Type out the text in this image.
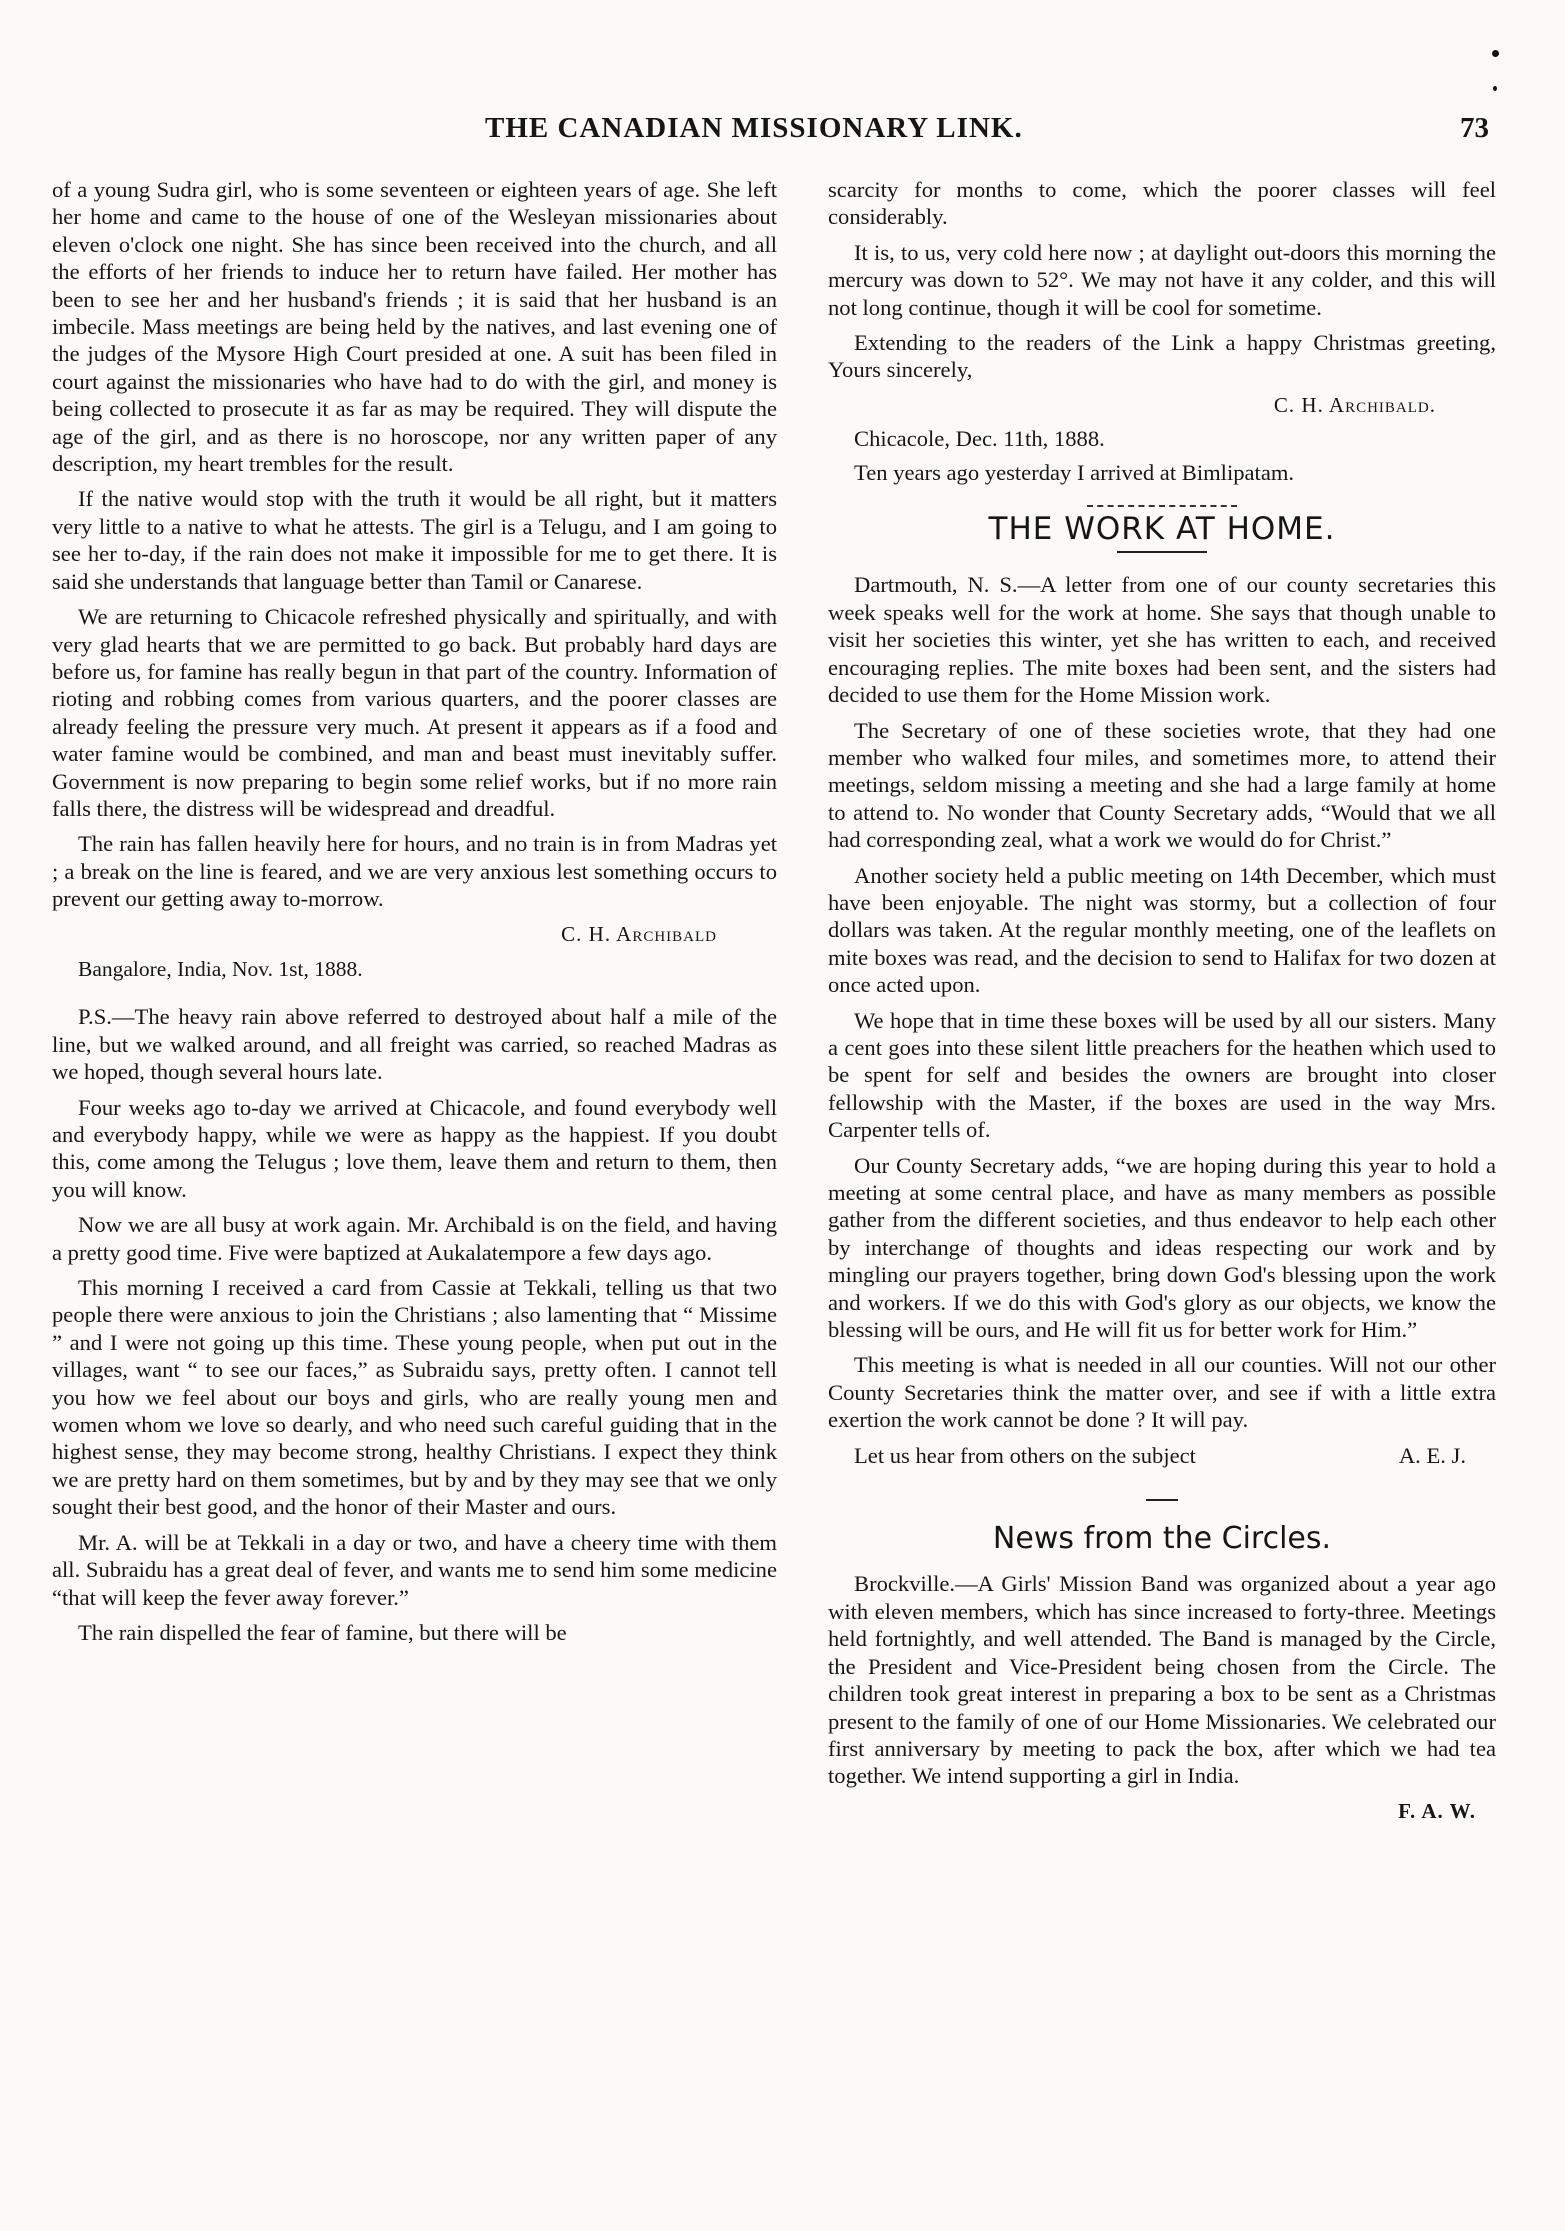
THE CANADIAN MISSIONARY LINK.	73

of a young Sudra girl, who is some seventeen or eighteen years of age. She left her home and came to the house of one of the Wesleyan missionaries about eleven o'clock one night. She has since been received into the church, and all the efforts of her friends to induce her to return have failed. Her mother has been to see her and her husband's friends ; it is said that her husband is an imbecile. Mass meetings are being held by the natives, and last evening one of the judges of the Mysore High Court presided at one. A suit has been filed in court against the missionaries who have had to do with the girl, and money is being collected to prosecute it as far as may be required. They will dispute the age of the girl, and as there is no horoscope, nor any written paper of any description, my heart trembles for the result.

If the native would stop with the truth it would be all right, but it matters very little to a native to what he attests. The girl is a Telugu, and I am going to see her to-day, if the rain does not make it impossible for me to get there. It is said she understands that language better than Tamil or Canarese.

We are returning to Chicacole refreshed physically and spiritually, and with very glad hearts that we are permitted to go back. But probably hard days are before us, for famine has really begun in that part of the country. Information of rioting and robbing comes from various quarters, and the poorer classes are already feeling the pressure very much. At present it appears as if a food and water famine would be combined, and man and beast must inevitably suffer. Government is now preparing to begin some relief works, but if no more rain falls there, the distress will be widespread and dreadful.

The rain has fallen heavily here for hours, and no train is in from Madras yet ; a break on the line is feared, and we are very anxious lest something occurs to prevent our getting away to-morrow.

C. H. Archibald
Bangalore, India, Nov. 1st, 1888.

P.S.—The heavy rain above referred to destroyed about half a mile of the line, but we walked around, and all freight was carried, so reached Madras as we hoped, though several hours late.

Four weeks ago to-day we arrived at Chicacole, and found everybody well and everybody happy, while we were as happy as the happiest. If you doubt this, come among the Telugus ; love them, leave them and return to them, then you will know.

Now we are all busy at work again. Mr. Archibald is on the field, and having a pretty good time. Five were baptized at Aukalatempore a few days ago.

This morning I received a card from Cassie at Tekkali, telling us that two people there were anxious to join the Christians ; also lamenting that “ Missime ” and I were not going up this time. These young people, when put out in the villages, want “ to see our faces,” as Subraidu says, pretty often. I cannot tell you how we feel about our boys and girls, who are really young men and women whom we love so dearly, and who need such careful guiding that in the highest sense, they may become strong, healthy Christians. I expect they think we are pretty hard on them sometimes, but by and by they may see that we only sought their best good, and the honor of their Master and ours.

Mr. A. will be at Tekkali in a day or two, and have a cheery time with them all. Subraidu has a great deal of fever, and wants me to send him some medicine “that will keep the fever away forever.”

The rain dispelled the fear of famine, but there will be

scarcity for months to come, which the poorer classes will feel considerably.

It is, to us, very cold here now ; at daylight out-doors this morning the mercury was down to 52°. We may not have it any colder, and this will not long continue, though it will be cool for sometime.

Extending to the readers of the Link a happy Christmas greeting, Yours sincerely,

C. H. Archibald.
Chicacole, Dec. 11th, 1888.
Ten years ago yesterday I arrived at Bimlipatam.
THE WORK AT HOME.

Dartmouth, N. S.—A letter from one of our county secretaries this week speaks well for the work at home. She says that though unable to visit her societies this winter, yet she has written to each, and received encouraging replies. The mite boxes had been sent, and the sisters had decided to use them for the Home Mission work.

The Secretary of one of these societies wrote, that they had one member who walked four miles, and sometimes more, to attend their meetings, seldom missing a meeting and she had a large family at home to attend to. No wonder that County Secretary adds, “Would that we all had corresponding zeal, what a work we would do for Christ.”

Another society held a public meeting on 14th December, which must have been enjoyable. The night was stormy, but a collection of four dollars was taken. At the regular monthly meeting, one of the leaflets on mite boxes was read, and the decision to send to Halifax for two dozen at once acted upon.

We hope that in time these boxes will be used by all our sisters. Many a cent goes into these silent little preachers for the heathen which used to be spent for self and besides the owners are brought into closer fellowship with the Master, if the boxes are used in the way Mrs. Carpenter tells of.

Our County Secretary adds, “we are hoping during this year to hold a meeting at some central place, and have as many members as possible gather from the different societies, and thus endeavor to help each other by interchange of thoughts and ideas respecting our work and by mingling our prayers together, bring down God's blessing upon the work and workers. If we do this with God's glory as our objects, we know the blessing will be ours, and He will fit us for better work for Him.”

This meeting is what is needed in all our counties. Will not our other County Secretaries think the matter over, and see if with a little extra exertion the work cannot be done ? It will pay.

Let us hear from others on the subject	A. E. J.

News from the Circles.

Brockville.—A Girls' Mission Band was organized about a year ago with eleven members, which has since increased to forty-three. Meetings held fortnightly, and well attended. The Band is managed by the Circle, the President and Vice-President being chosen from the Circle. The children took great interest in preparing a box to be sent as a Christmas present to the family of one of our Home Missionaries. We celebrated our first anniversary by meeting to pack the box, after which we had tea together. We intend supporting a girl in India.

F. A. W.
